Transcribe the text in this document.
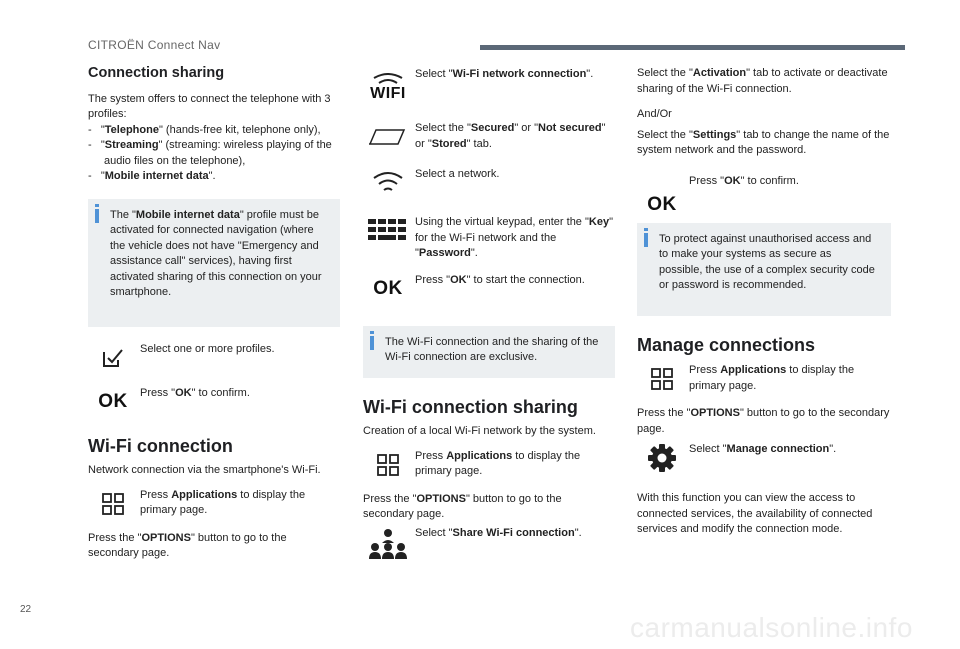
CITROËN Connect Nav
22
carmanualsonline.info
Connection sharing

The system offers to connect the telephone with 3 profiles:

- "Telephone" (hands-free kit, telephone only),
- "Streaming" (streaming: wireless playing of the audio files on the telephone),
- "Mobile internet data".
The "Mobile internet data" profile must be activated for connected navigation (where the vehicle does not have "Emergency and assistance call" services), having first activated sharing of this connection on your smartphone.
Select one or more profiles.
OK Press "OK" to confirm.
Wi-Fi connection

Network connection via the smartphone's Wi-Fi.

Press Applications to display the primary page.

Press the "OPTIONS" button to go to the secondary page.

WIFI
Select "Wi-Fi network connection".
Select the "Secured" or "Not secured" or "Stored" tab.
Select a network.
Using the virtual keypad, enter the "Key" for the Wi-Fi network and the "Password".
OK Press "OK" to start the connection.
The Wi-Fi connection and the sharing of the Wi-Fi connection are exclusive.
Wi-Fi connection sharing

Creation of a local Wi-Fi network by the system.

Press Applications to display the primary page.

Press the "OPTIONS" button to go to the secondary page.

Select "Share Wi-Fi connection".

Select the "Activation" tab to activate or deactivate sharing of the Wi-Fi connection.

And/Or

Select the "Settings" tab to change the name of the system network and the password.

OK
Press "OK" to confirm.
To protect against unauthorised access and to make your systems as secure as possible, the use of a complex security code or password is recommended.
Manage connections
Press Applications to display the primary page.

Press the "OPTIONS" button to go to the secondary page.

Select "Manage connection".

With this function you can view the access to connected services, the availability of connected services and modify the connection mode.
